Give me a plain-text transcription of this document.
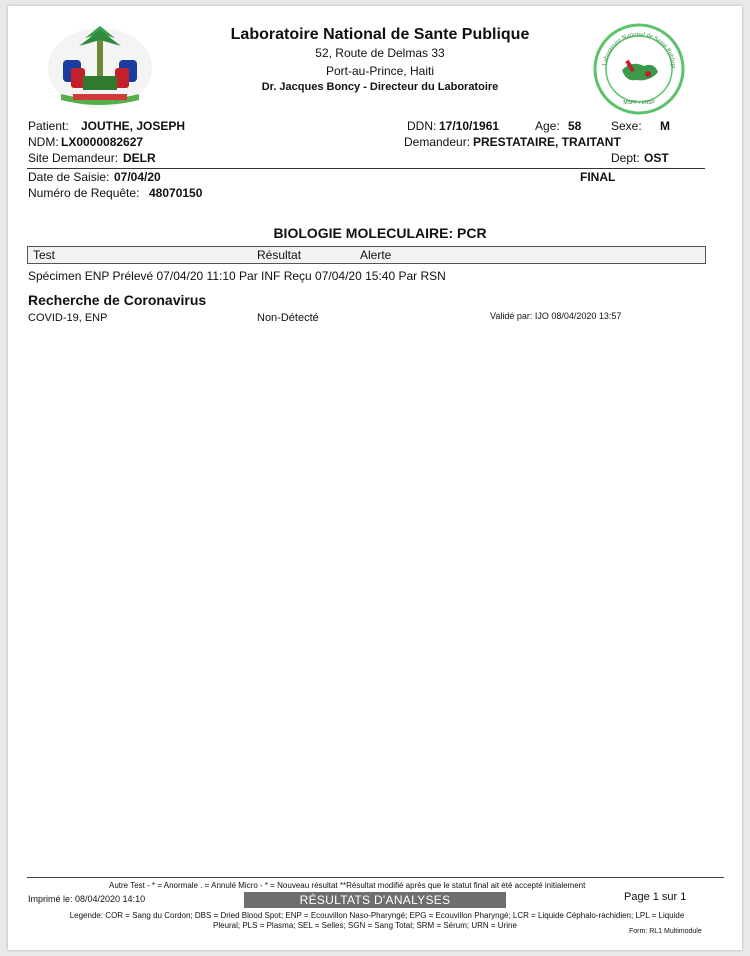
Laboratoire National de Sante Publique
52, Route de Delmas 33
Port-au-Prince, Haiti
Dr. Jacques Boncy - Directeur du Laboratoire
Laboratoire National de Santé Publiqu
MSPP / LNSP
Patient: JOUTHE, JOSEPH
NDM: LX0000082627
Site Demandeur: DELR
DDN: 17/10/1961	Age: 58 Sexe: M
Demandeur: PRESTATAIRE, TRAITANT
Dept: OST
Date de Saisie: 07/04/20	FINAL
Numéro de Requête: 48070150
BIOLOGIE MOLECULAIRE: PCR
Test	Résultat	Alerte
Spécimen ENP Prélevé 07/04/20 11:10 Par INF Reçu 07/04/20 15:40 Par RSN
Recherche de Coronavirus
COVID-19, ENP	Non-Détecté	Validé par: IJO 08/04/2020 13:57
Autre Test - * = Anormale . = Annulé Micro - * = Nouveau résultat **Résultat modifié après que le statut final ait été accepté initialement
Imprimé le: 08/04/2020 14:10	RÉSULTATS D'ANALYSES	Page 1 sur 1
Legende: COR = Sang du Cordon; DBS = Dried Blood Spot; ENP = Ecouvillon Naso-Pharyngé; EPG = Ecouvillon Pharyngé; LCR = Liquide Céphalo-rachidien; LPL = Liquide
Pleural; PLS = Plasma; SEL = Selles; SGN = Sang Total; SRM = Sérum; URN = Urine
Form: RL1 Multimodule
